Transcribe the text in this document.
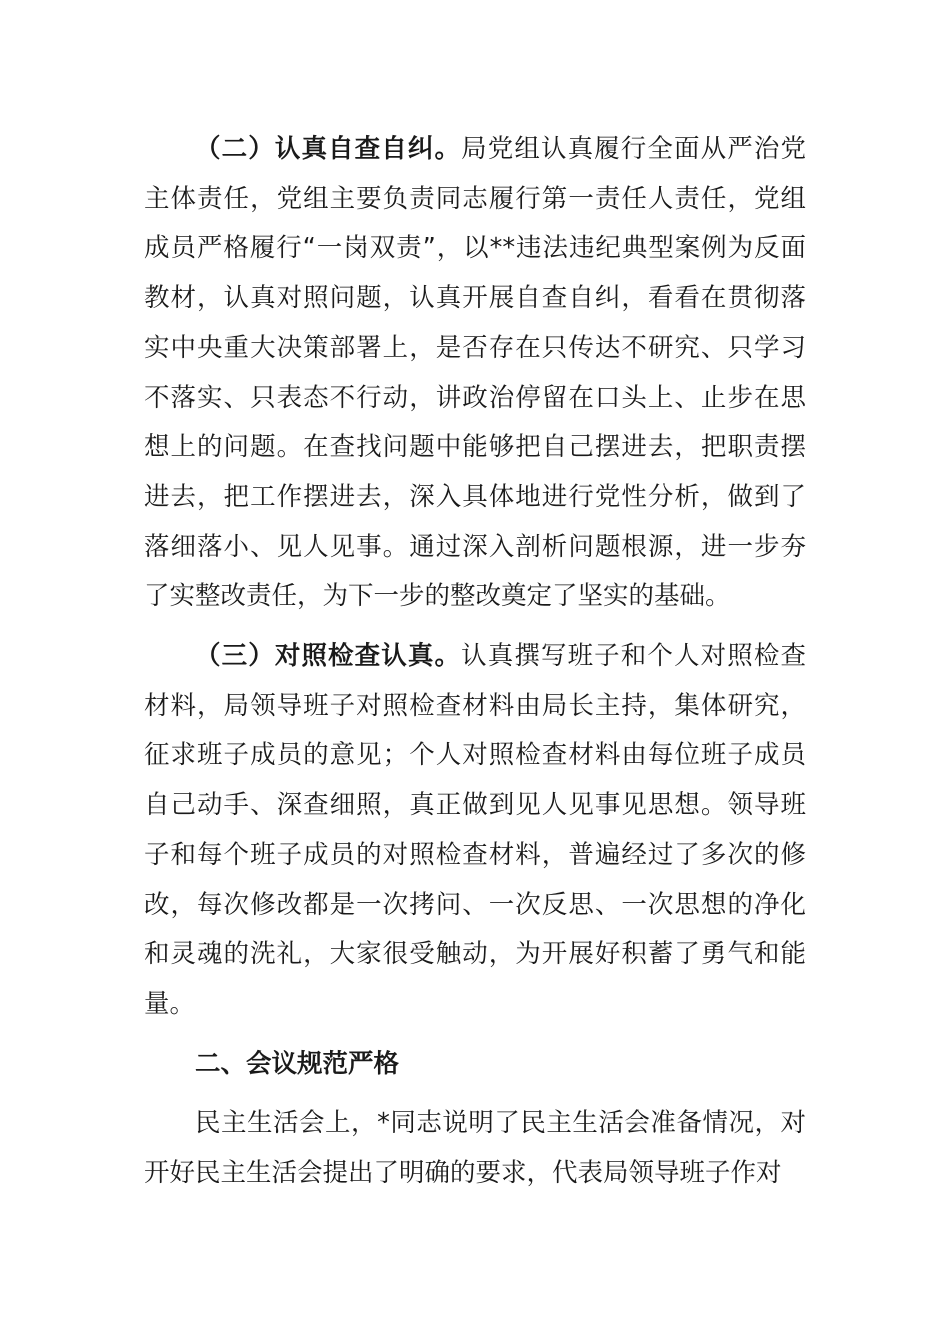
（二）认真自查自纠。局党组认真履行全面从严治党主体责任，党组主要负责同志履行第一责任人责任，党组成员严格履行“一岗双责”，以**违法违纪典型案例为反面教材，认真对照问题，认真开展自查自纠，看看在贯彻落实中央重大决策部署上，是否存在只传达不研究、只学习不落实、只表态不行动，讲政治停留在口头上、止步在思想上的问题。在查找问题中能够把自己摆进去，把职责摆进去，把工作摆进去，深入具体地进行党性分析，做到了落细落小、见人见事。通过深入剖析问题根源，进一步夯了实整改责任，为下一步的整改奠定了坚实的基础。

（三）对照检查认真。认真撰写班子和个人对照检查材料，局领导班子对照检查材料由局长主持，集体研究，征求班子成员的意见；个人对照检查材料由每位班子成员自己动手、深查细照，真正做到见人见事见思想。领导班子和每个班子成员的对照检查材料，普遍经过了多次的修改，每次修改都是一次拷问、一次反思、一次思想的净化和灵魂的洗礼，大家很受触动，为开展好积蓄了勇气和能量。

二、会议规范严格

民主生活会上，*同志说明了民主生活会准备情况，对开好民主生活会提出了明确的要求，代表局领导班子作对
